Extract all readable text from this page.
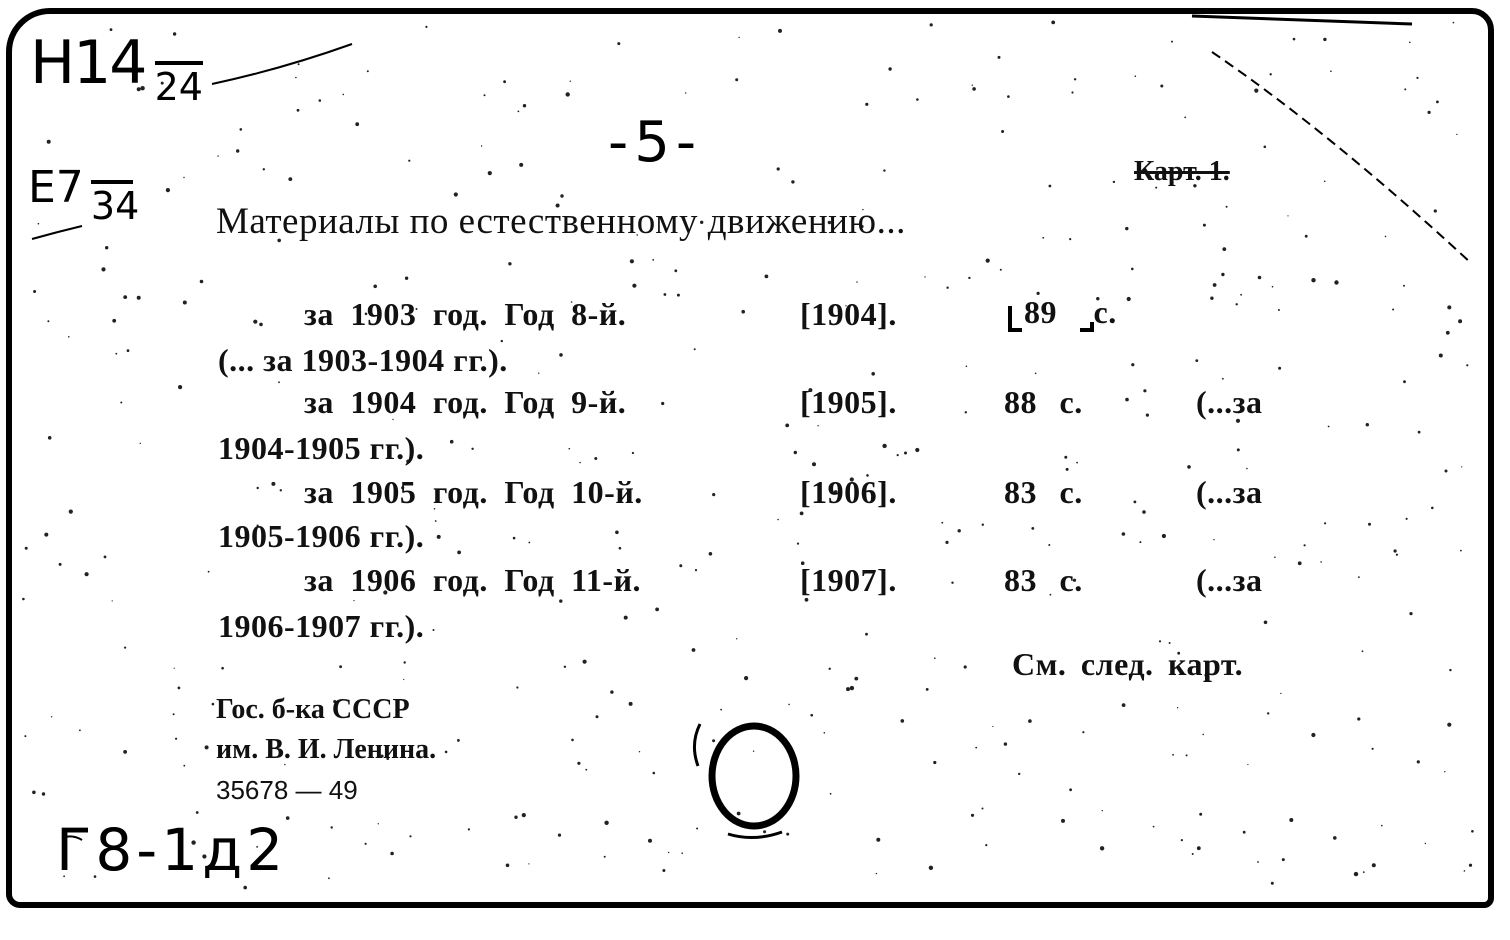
Н14 24
E7 34
-5-	Карт. 1.
Материалы по естественному движению...
за 1903 год. Год 8-й.	[1904].	89 с.
(... за 1903-1904 гг.).
за 1904 год. Год 9-й.	[1905].	88 с.	(...за
1904-1905 гг.).
за 1905 год. Год 10-й.	[1906].	83 с.	(...за
1905-1906 гг.).
за 1906 год. Год 11-й.	[1907].	83 с.	(...за
1906-1907 гг.).
См. след. карт.
Гос. б-ка СССР
им. В. И. Ленина.
35678 — 49
Г8-1д2
